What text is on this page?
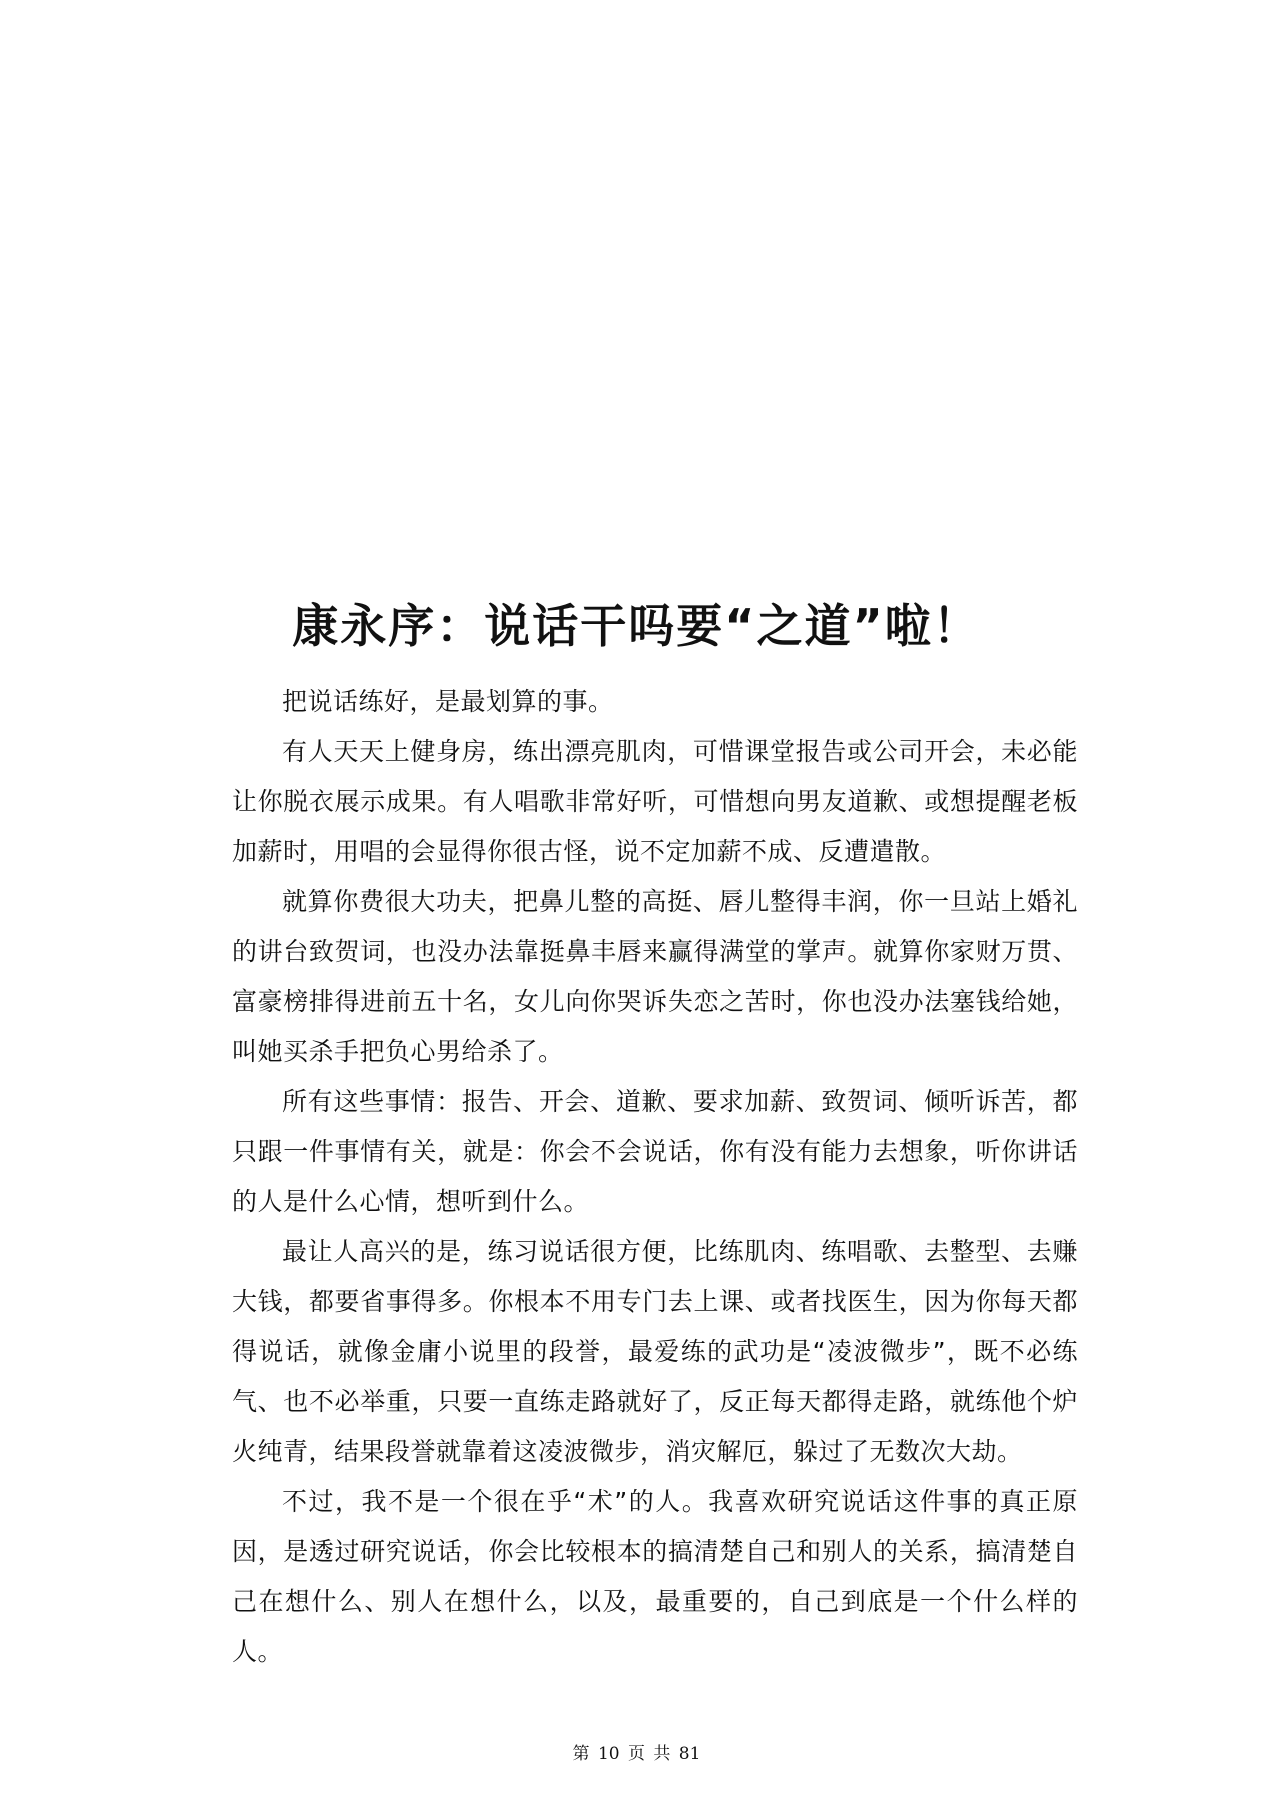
康永序：说话干吗要“之道”啦！

把说话练好，是最划算的事。

有人天天上健身房，练出漂亮肌肉，可惜课堂报告或公司开会，未必能让你脱衣展示成果。有人唱歌非常好听，可惜想向男友道歉、或想提醒老板加薪时，用唱的会显得你很古怪，说不定加薪不成、反遭遣散。

就算你费很大功夫，把鼻儿整的高挺、唇儿整得丰润，你一旦站上婚礼的讲台致贺词，也没办法靠挺鼻丰唇来赢得满堂的掌声。就算你家财万贯、富豪榜排得进前五十名，女儿向你哭诉失恋之苦时，你也没办法塞钱给她，叫她买杀手把负心男给杀了。

所有这些事情：报告、开会、道歉、要求加薪、致贺词、倾听诉苦，都只跟一件事情有关，就是：你会不会说话，你有没有能力去想象，听你讲话的人是什么心情，想听到什么。

最让人高兴的是，练习说话很方便，比练肌肉、练唱歌、去整型、去赚大钱，都要省事得多。你根本不用专门去上课、或者找医生，因为你每天都得说话，就像金庸小说里的段誉，最爱练的武功是“凌波微步”，既不必练气、也不必举重，只要一直练走路就好了，反正每天都得走路，就练他个炉火纯青，结果段誉就靠着这凌波微步，消灾解厄，躲过了无数次大劫。

不过，我不是一个很在乎“术”的人。我喜欢研究说话这件事的真正原因，是透过研究说话，你会比较根本的搞清楚自己和别人的关系，搞清楚自己在想什么、别人在想什么，以及，最重要的，自己到底是一个什么样的人。

第 10 页 共 81
